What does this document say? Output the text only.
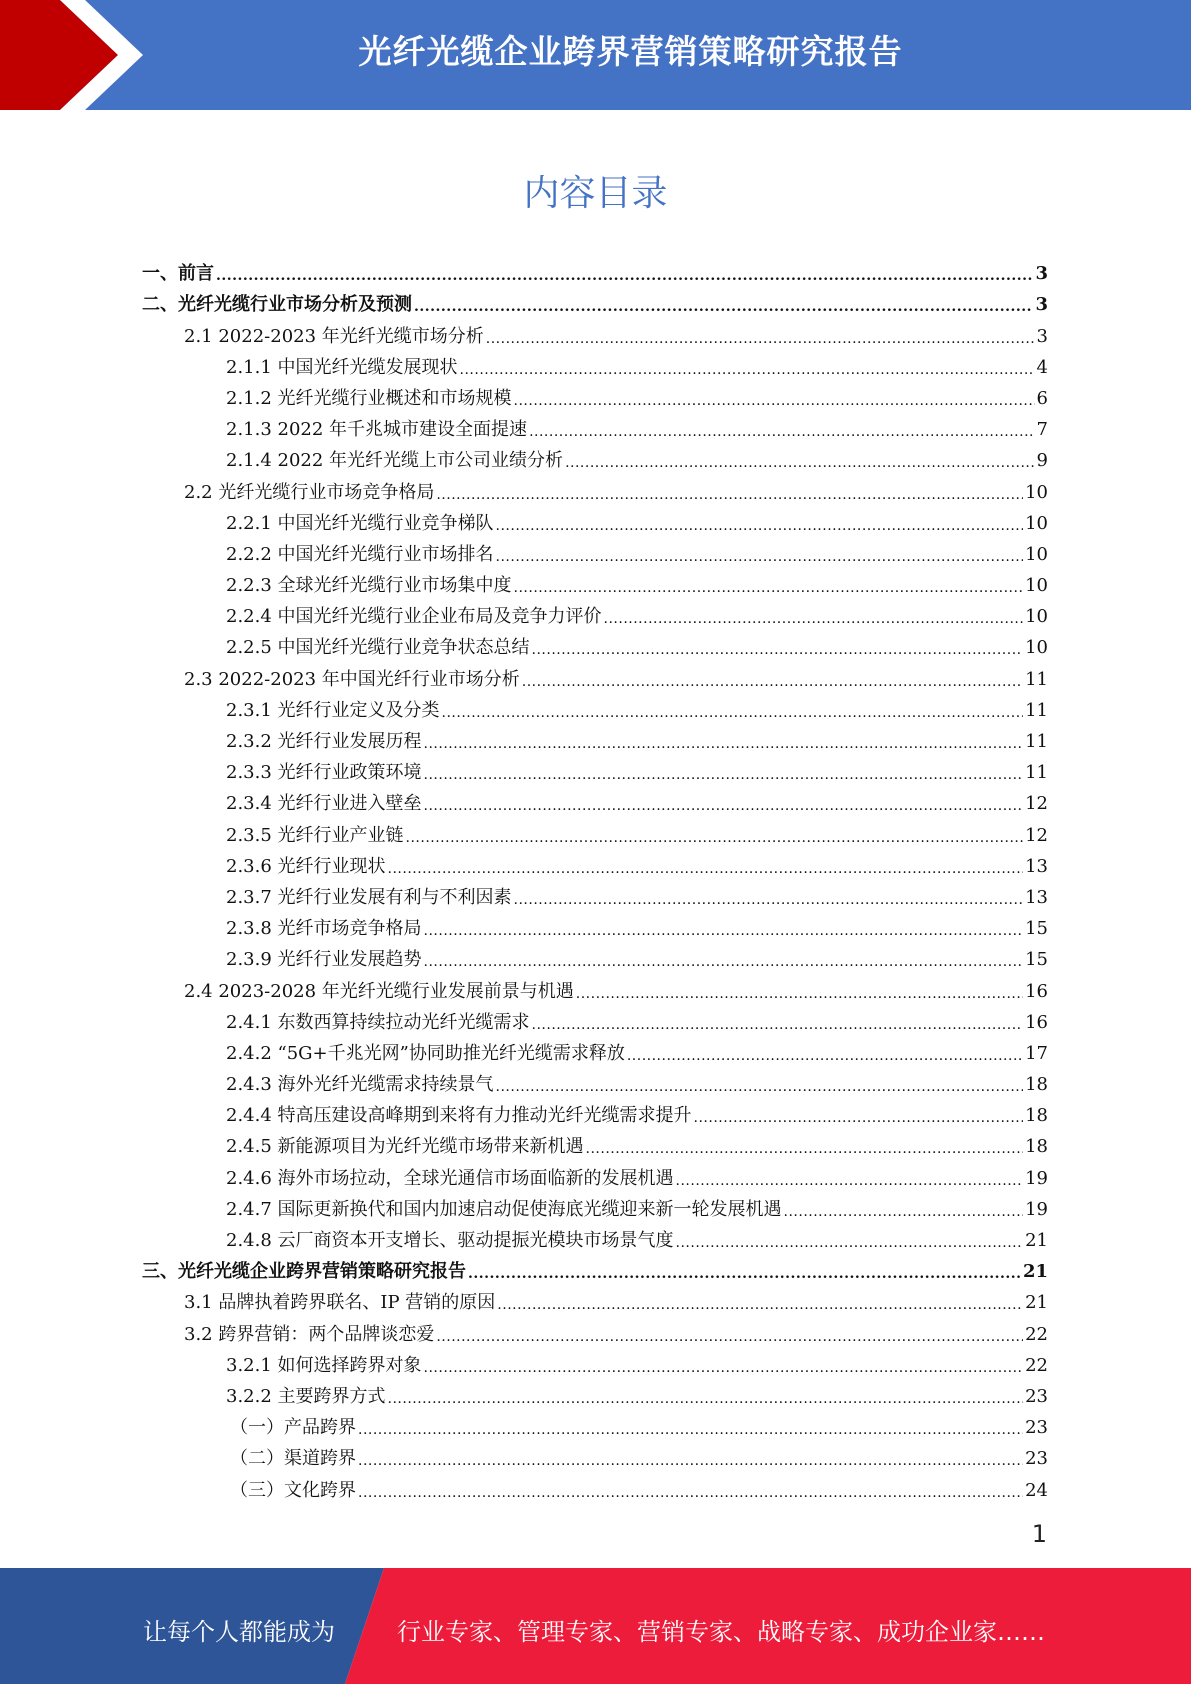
光纤光缆企业跨界营销策略研究报告
内容目录
一、前言 .....	3
二、光纤光缆行业市场分析及预测 .....	3
2.1 2022-2023 年光纤光缆市场分析 .....	3
2.1.1 中国光纤光缆发展现状 .....	4
2.1.2 光纤光缆行业概述和市场规模 .....	6
2.1.3 2022 年千兆城市建设全面提速 .....	7
2.1.4 2022 年光纤光缆上市公司业绩分析 .....	9
2.2 光纤光缆行业市场竞争格局 .....	10
2.2.1 中国光纤光缆行业竞争梯队 .....	10
2.2.2 中国光纤光缆行业市场排名 .....	10
2.2.3 全球光纤光缆行业市场集中度 .....	10
2.2.4 中国光纤光缆行业企业布局及竞争力评价 .....	10
2.2.5 中国光纤光缆行业竞争状态总结 .....	10
2.3 2022-2023 年中国光纤行业市场分析 .....	11
2.3.1 光纤行业定义及分类 .....	11
2.3.2 光纤行业发展历程 .....	11
2.3.3 光纤行业政策环境 .....	11
2.3.4 光纤行业进入壁垒 .....	12
2.3.5 光纤行业产业链 .....	12
2.3.6 光纤行业现状 .....	13
2.3.7 光纤行业发展有利与不利因素 .....	13
2.3.8 光纤市场竞争格局 .....	15
2.3.9 光纤行业发展趋势 .....	15
2.4 2023-2028 年光纤光缆行业发展前景与机遇 .....	16
2.4.1 东数西算持续拉动光纤光缆需求 .....	16
2.4.2 “5G+千兆光网”协同助推光纤光缆需求释放 .....	17
2.4.3 海外光纤光缆需求持续景气 .....	18
2.4.4 特高压建设高峰期到来将有力推动光纤光缆需求提升 .....	18
2.4.5 新能源项目为光纤光缆市场带来新机遇 .....	18
2.4.6 海外市场拉动，全球光通信市场面临新的发展机遇 .....	19
2.4.7 国际更新换代和国内加速启动促使海底光缆迎来新一轮发展机遇 .....	19
2.4.8 云厂商资本开支增长、驱动提振光模块市场景气度 .....	21
三、光纤光缆企业跨界营销策略研究报告 .....	21
3.1 品牌执着跨界联名、IP 营销的原因 .....	21
3.2 跨界营销：两个品牌谈恋爱 .....	22
3.2.1 如何选择跨界对象 .....	22
3.2.2 主要跨界方式 .....	23
（一）产品跨界 .....	23
（二）渠道跨界 .....	23
（三）文化跨界 .....	24
1
让每个人都能成为	行业专家、管理专家、营销专家、战略专家、成功企业家……
